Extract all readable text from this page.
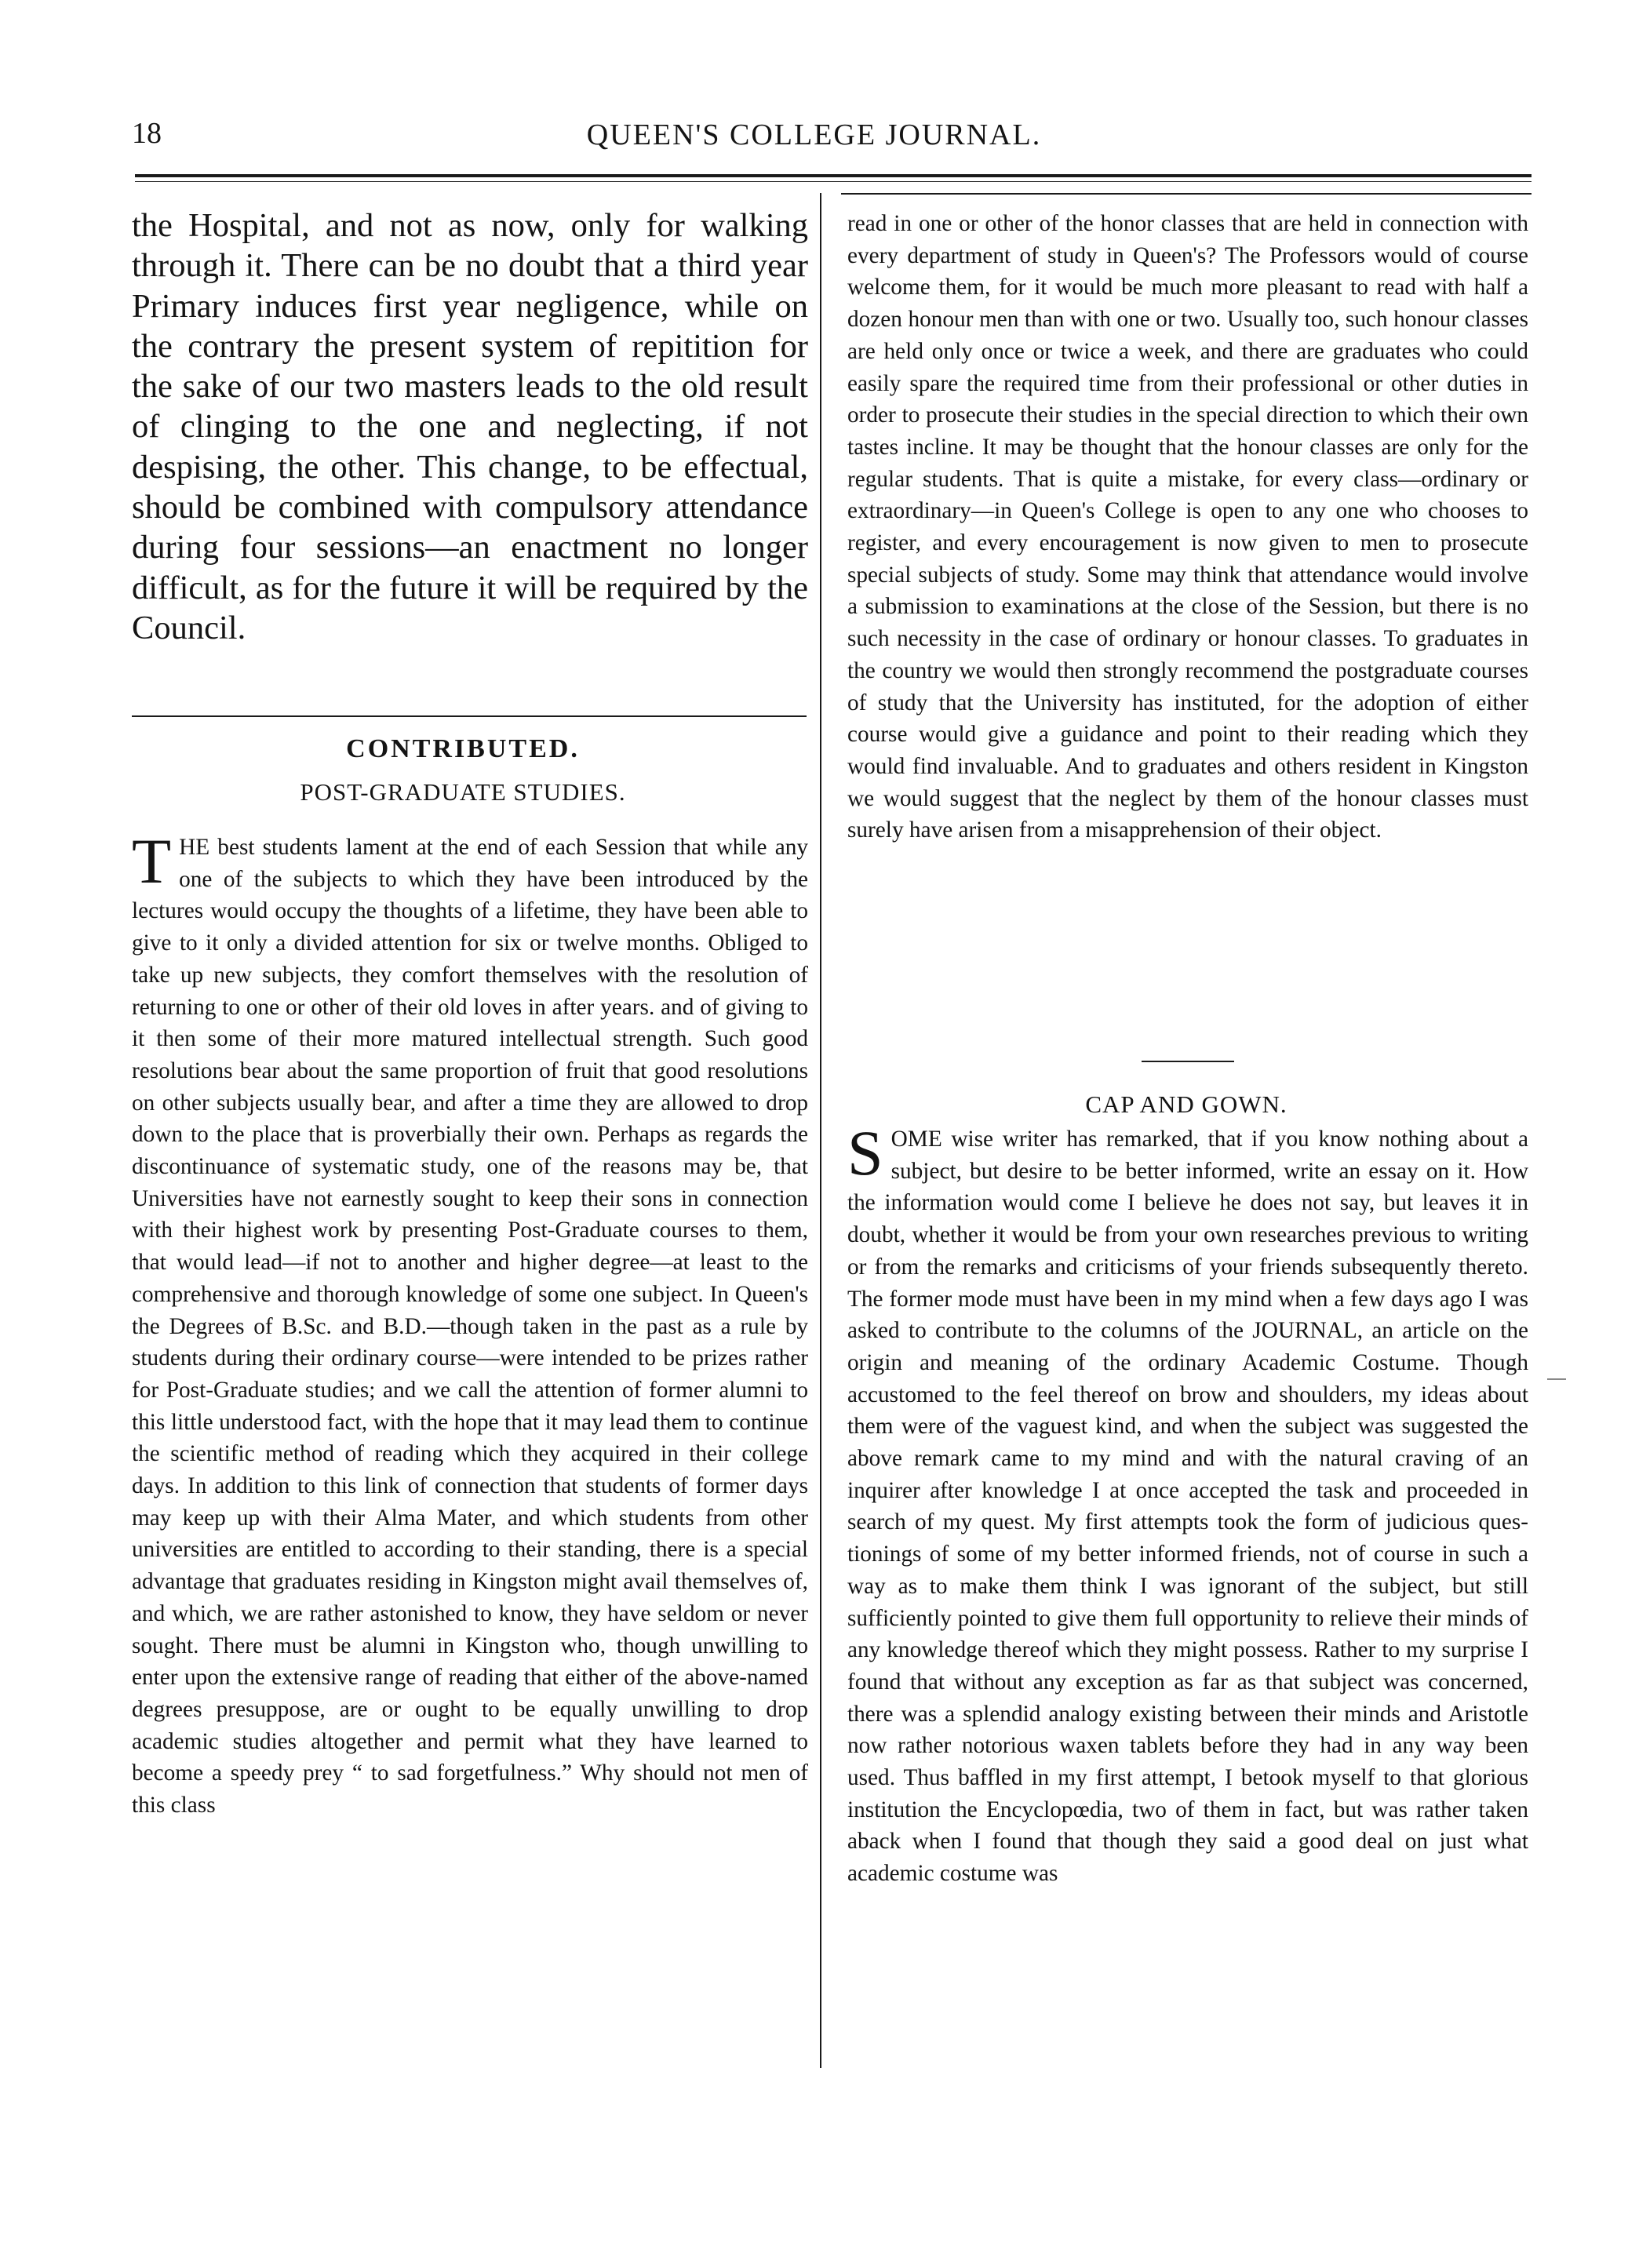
18	QUEEN'S COLLEGE JOURNAL.

the Hospital, and not as now, only for walking through it. There can be no doubt that a third year Primary induces first year negligence, while on the contrary the present system of repitition for the sake of our two masters leads to the old result of clinging to the one and neglecting, if not despising, the other. This change, to be effectual, should be combined with compulsory attendance during four sessions—an enactment no longer difficult, as for the future it will be required by the Council.

CONTRIBUTED.
POST-GRADUATE STUDIES.

THE best students lament at the end of each Session that while any one of the subjects to which they have been introduced by the lectures would occupy the thoughts of a lifetime, they have been able to give to it only a divided attention for six or twelve months. Obliged to take up new subjects, they comfort themselves with the resolution of returning to one or other of their old loves in after years. and of giving to it then some of their more matured intellectual strength. Such good resolutions bear about the same proportion of fruit that good resolutions on other subjects usually bear, and after a time they are allowed to drop down to the place that is proverbially their own. Perhaps as regards the discontinuance of systematic study, one of the reasons may be, that Universities have not earnestly sought to keep their sons in connection with their highest work by presenting Post-Graduate courses to them, that would lead—if not to another and higher degree—at least to the comprehensive and thorough knowledge of some one subject. In Queen's the Degrees of B.Sc. and B.D.—though taken in the past as a rule by students during their ordinary course—were intended to be prizes rather for Post-Graduate studies; and we call the attention of former alumni to this little understood fact, with the hope that it may lead them to continue the scientific method of reading which they acquired in their college days. In addition to this link of connection that students of former days may keep up with their Alma Mater, and which students from other universities are entitled to according to their standing, there is a special advantage that graduates residing in Kingston might avail themselves of, and which, we are rather astonished to know, they have seldom or never sought. There must be alumni in Kingston who, though unwilling to enter upon the extensive range of reading that either of the above-named degrees presuppose, are or ought to be equally unwilling to drop academic studies altogether and permit what they have learned to become a speedy prey “ to sad forgetfulness.” Why should not men of this class

read in one or other of the honor classes that are held in connection with every department of study in Queen's? The Professors would of course welcome them, for it would be much more pleasant to read with half a dozen honour men than with one or two. Usually too, such honour classes are held only once or twice a week, and there are graduates who could easily spare the required time from their professional or other duties in order to prosecute their studies in the special direction to which their own tastes incline. It may be thought that the honour classes are only for the regular students. That is quite a mistake, for every class—ordinary or extraordinary—in Queen's College is open to any one who chooses to register, and every encouragement is now given to men to prosecute special subjects of study. Some may think that attendance would involve a submission to examinations at the close of the Session, but there is no such necessity in the case of ordinary or honour classes. To graduates in the country we would then strongly recommend the postgraduate courses of study that the University has instituted, for the adoption of either course would give a guidance and point to their reading which they would find invaluable. And to graduates and others resident in Kingston we would suggest that the neglect by them of the honour classes must surely have arisen from a misapprehension of their object.

CAP AND GOWN.

SOME wise writer has remarked, that if you know nothing about a subject, but desire to be better informed, write an essay on it. How the information would come I believe he does not say, but leaves it in doubt, whether it would be from your own researches previous to writing or from the remarks and criticisms of your friends subsequently thereto. The former mode must have been in my mind when a few days ago I was asked to contribute to the columns of the JOURNAL, an article on the origin and meaning of the ordinary Academic Costume. Though accustomed to the feel thereof on brow and shoulders, my ideas about them were of the vaguest kind, and when the subject was suggested the above remark came to my mind and with the natural craving of an inquirer after knowledge I at once accepted the task and proceeded in search of my quest. My first attempts took the form of judicious questionings of some of my better informed friends, not of course in such a way as to make them think I was ignorant of the subject, but still sufficiently pointed to give them full opportunity to relieve their minds of any knowledge thereof which they might possess. Rather to my surprise I found that without any exception as far as that subject was concerned, there was a splendid analogy existing between their minds and Aristotle now rather notorious waxen tablets before they had in any way been used. Thus baffled in my first attempt, I betook myself to that glorious institution the Encyclopœdia, two of them in fact, but was rather taken aback when I found that though they said a good deal on just what academic costume was
